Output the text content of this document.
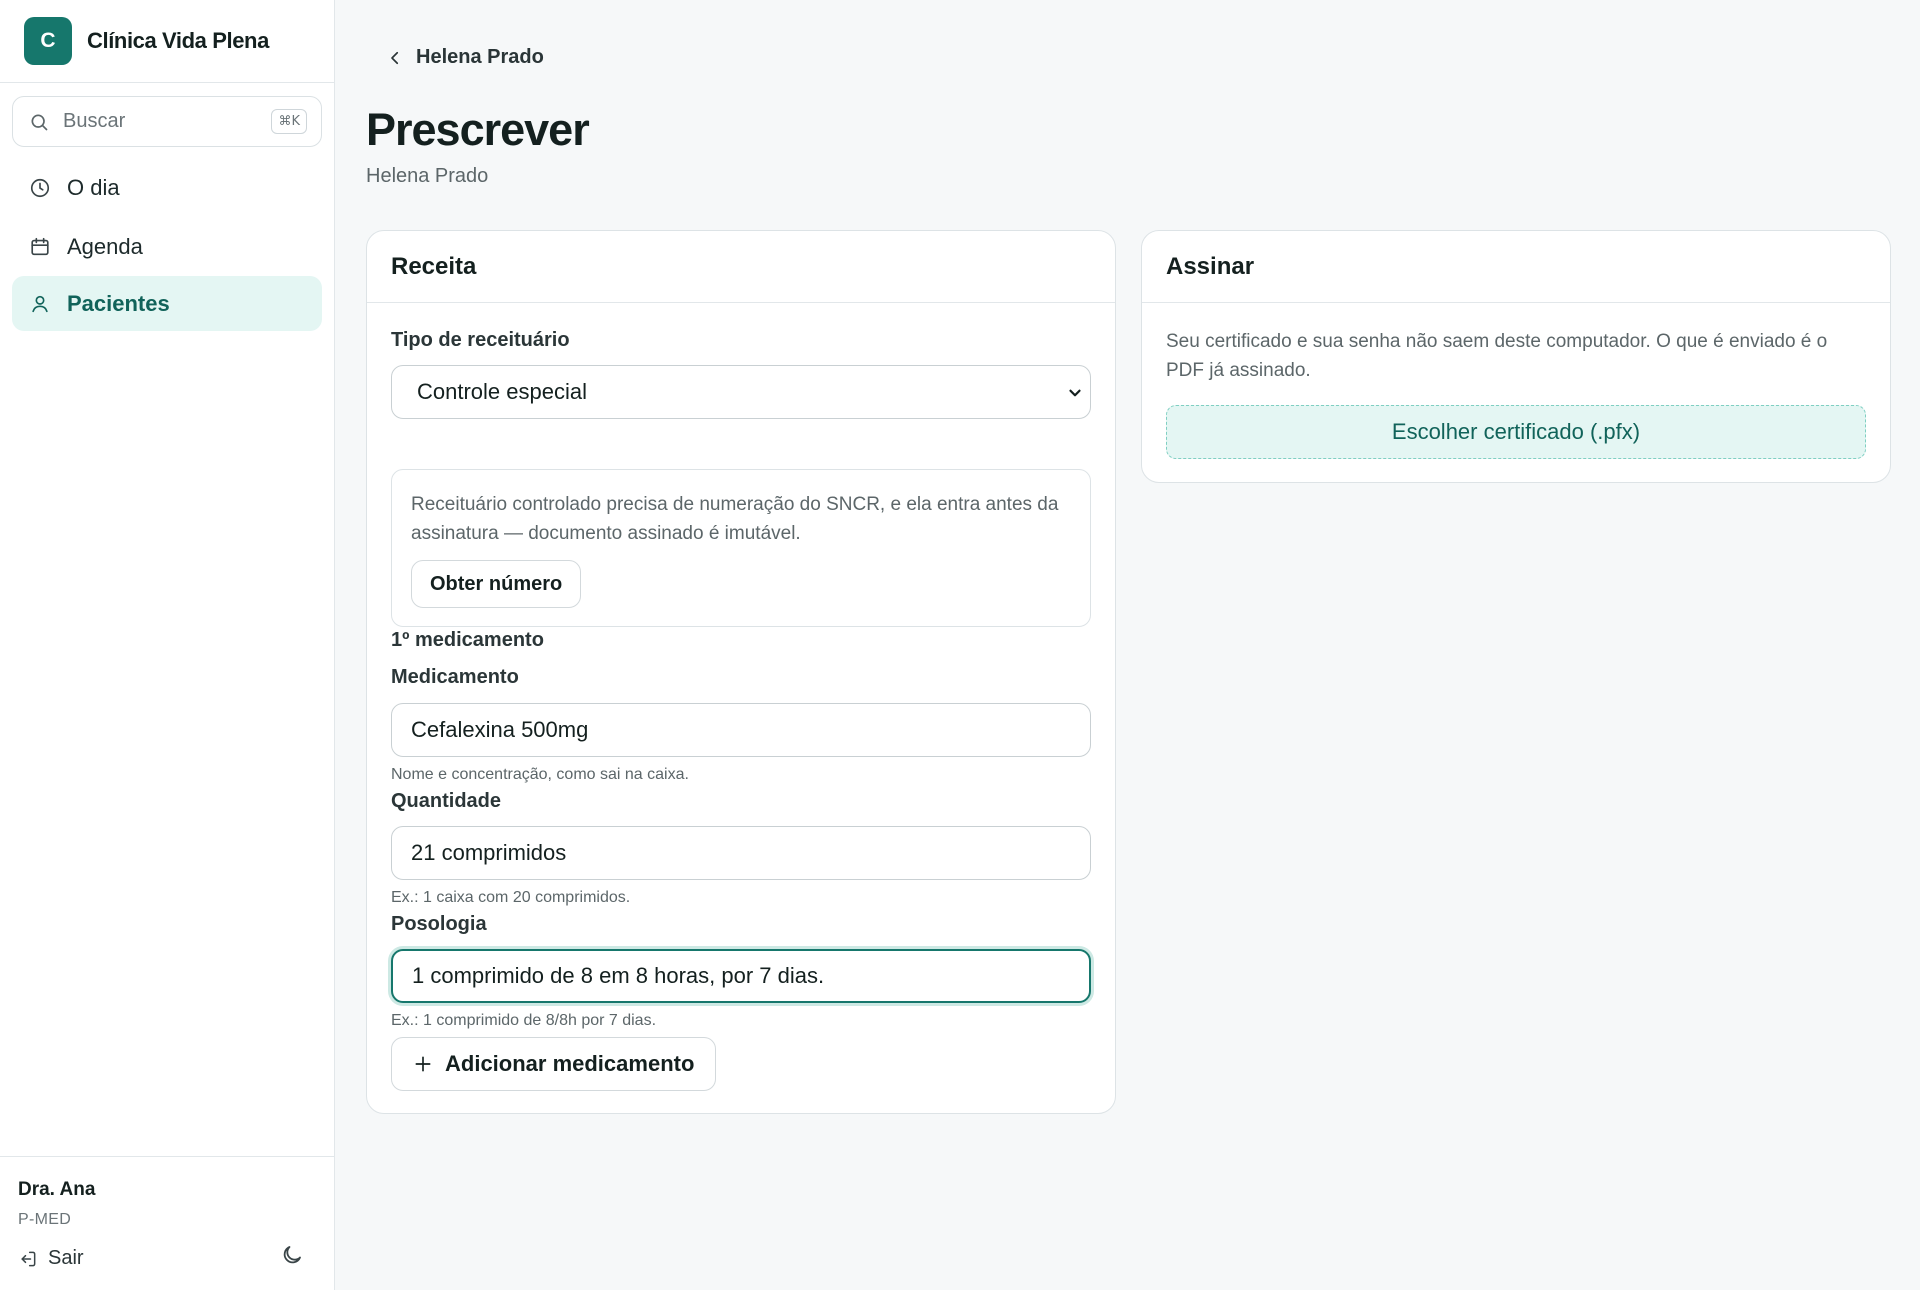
C	Clínica Vida Plena
Buscar	⌘K
O dia
Agenda
Pacientes
Dra. Ana
P-MED
Sair
Helena Prado
Prescrever
Helena Prado
Receita
Tipo de receituário
Controle especial
Receituário controlado precisa de numeração do SNCR, e ela entra antes da assinatura — documento assinado é imutável.
Obter número
1º medicamento
Medicamento
Cefalexina 500mg
Nome e concentração, como sai na caixa.
Quantidade
21 comprimidos
Ex.: 1 caixa com 20 comprimidos.
Posologia
1 comprimido de 8 em 8 horas, por 7 dias.
Ex.: 1 comprimido de 8/8h por 7 dias.
Adicionar medicamento
Assinar
Seu certificado e sua senha não saem deste computador. O que é enviado é o PDF já assinado.
Escolher certificado (.pfx)
